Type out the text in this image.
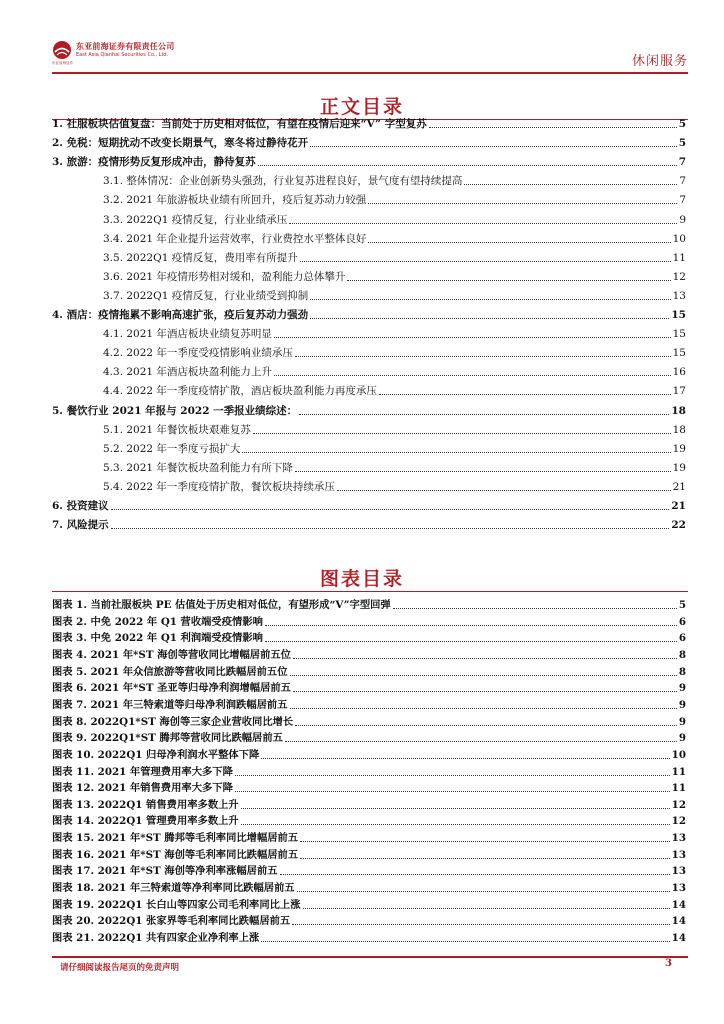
东亚前海证券有限责任公司
East Asia Qianhai Securities Co., Ltd.
东亚前海证券	休闲服务
正文目录
1. 社服板块估值复盘：当前处于历史相对低位，有望在疫情后迎来“V” 字型复苏	5
2. 免税：短期扰动不改变长期景气，寒冬将过静待花开	5
3. 旅游：疫情形势反复形成冲击，静待复苏	7
3.1. 整体情况：企业创新势头强劲，行业复苏进程良好，景气度有望持续提高	7
3.2. 2021 年旅游板块业绩有所回升，疫后复苏动力较强	7
3.3. 2022Q1 疫情反复，行业业绩承压	9
3.4. 2021 年企业提升运营效率，行业费控水平整体良好	10
3.5. 2022Q1 疫情反复，费用率有所提升	11
3.6. 2021 年疫情形势相对缓和，盈利能力总体攀升	12
3.7. 2022Q1 疫情反复，行业业绩受到抑制	13
4. 酒店：疫情拖累不影响高速扩张，疫后复苏动力强劲	15
4.1. 2021 年酒店板块业绩复苏明显	15
4.2. 2022 年一季度受疫情影响业绩承压	15
4.3. 2021 年酒店板块盈利能力上升	16
4.4. 2022 年一季度疫情扩散，酒店板块盈利能力再度承压	17
5. 餐饮行业 2021 年报与 2022 一季报业绩综述：	18
5.1. 2021 年餐饮板块艰难复苏	18
5.2. 2022 年一季度亏损扩大	19
5.3. 2021 年餐饮板块盈利能力有所下降	19
5.4. 2022 年一季度疫情扩散，餐饮板块持续承压	21
6. 投资建议	21
7. 风险提示	22
图表目录
图表 1. 当前社服板块 PE 估值处于历史相对低位，有望形成“V”字型回弹	5
图表 2. 中免 2022 年 Q1 营收端受疫情影响	6
图表 3. 中免 2022 年 Q1 利润端受疫情影响	6
图表 4. 2021 年*ST 海创等营收同比增幅居前五位	8
图表 5. 2021 年众信旅游等营收同比跌幅居前五位	8
图表 6. 2021 年*ST 圣亚等归母净利润增幅居前五	9
图表 7. 2021 年三特索道等归母净利润跌幅居前五	9
图表 8. 2022Q1*ST 海创等三家企业营收同比增长	9
图表 9. 2022Q1*ST 腾邦等营收同比跌幅居前五	9
图表 10. 2022Q1 归母净利润水平整体下降	10
图表 11. 2021 年管理费用率大多下降	11
图表 12. 2021 年销售费用率大多下降	11
图表 13. 2022Q1 销售费用率多数上升	12
图表 14. 2022Q1 管理费用率多数上升	12
图表 15. 2021 年*ST 腾邦等毛利率同比增幅居前五	13
图表 16. 2021 年*ST 海创等毛利率同比跌幅居前五	13
图表 17. 2021 年*ST 海创等净利率涨幅居前五	13
图表 18. 2021 年三特索道等净利率同比跌幅居前五	13
图表 19. 2022Q1 长白山等四家公司毛利率同比上涨	14
图表 20. 2022Q1 张家界等毛利率同比跌幅居前五	14
图表 21. 2022Q1 共有四家企业净利率上涨	14
请仔细阅读报告尾页的免责声明	3
